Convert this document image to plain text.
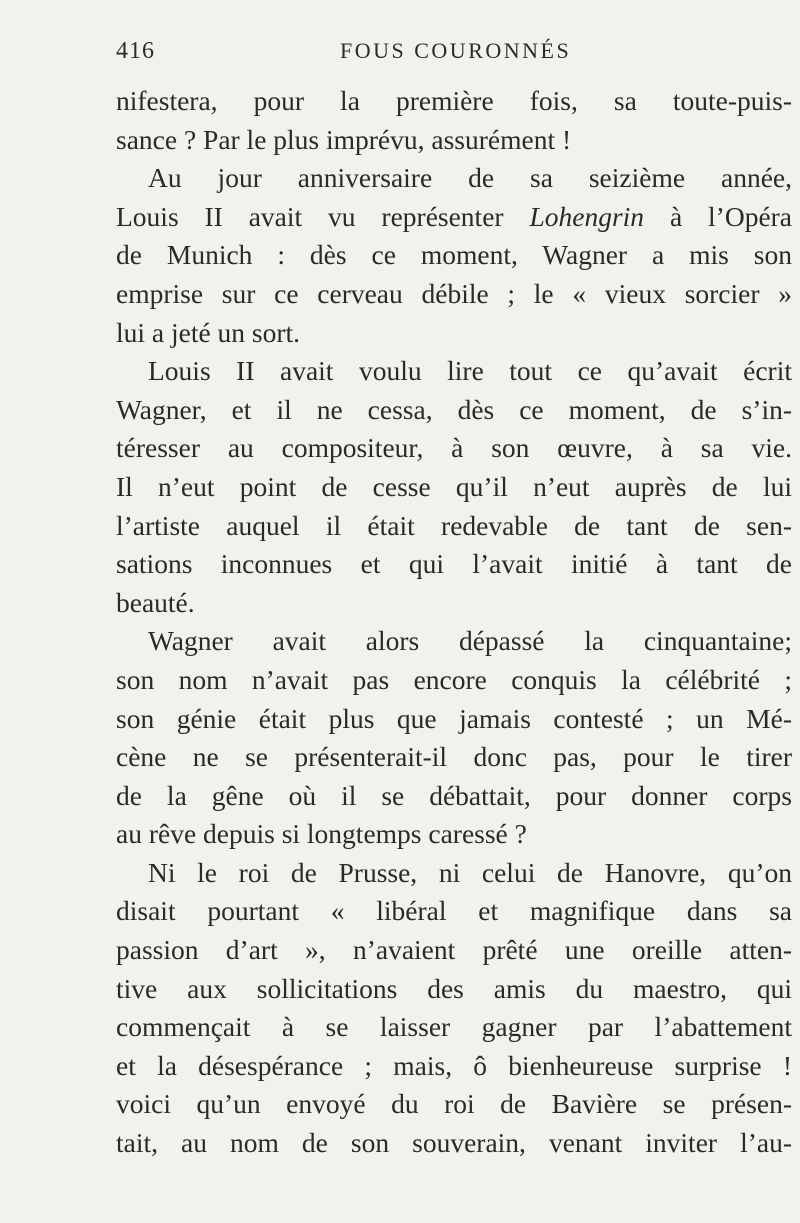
416	FOUS COURONNÉS
nifestera, pour la première fois, sa toute-puis-
sance ? Par le plus imprévu, assurément !
Au jour anniversaire de sa seizième année,
Louis II avait vu représenter Lohengrin à l’Opéra
de Munich : dès ce moment, Wagner a mis son
emprise sur ce cerveau débile ; le « vieux sorcier »
lui a jeté un sort.
Louis II avait voulu lire tout ce qu’avait écrit
Wagner, et il ne cessa, dès ce moment, de s’in-
téresser au compositeur, à son œuvre, à sa vie.
Il n’eut point de cesse qu’il n’eut auprès de lui
l’artiste auquel il était redevable de tant de sen-
sations inconnues et qui l’avait initié à tant de
beauté.
Wagner avait alors dépassé la cinquantaine;
son nom n’avait pas encore conquis la célébrité ;
son génie était plus que jamais contesté ; un Mé-
cène ne se présenterait-il donc pas, pour le tirer
de la gêne où il se débattait, pour donner corps
au rêve depuis si longtemps caressé ?
Ni le roi de Prusse, ni celui de Hanovre, qu’on
disait pourtant « libéral et magnifique dans sa
passion d’art », n’avaient prêté une oreille atten-
tive aux sollicitations des amis du maestro, qui
commençait à se laisser gagner par l’abattement
et la désespérance ; mais, ô bienheureuse surprise !
voici qu’un envoyé du roi de Bavière se présen-
tait, au nom de son souverain, venant inviter l’au-
